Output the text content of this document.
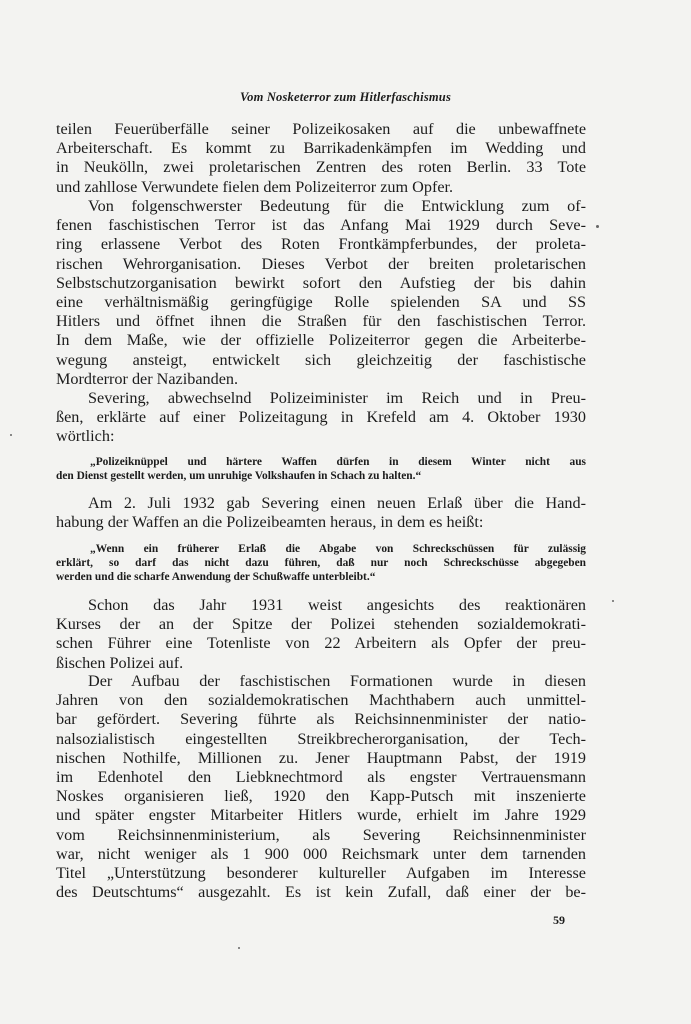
Vom Nosketerror zum Hitlerfaschismus
teilen Feuerüberfälle seiner Polizeikosaken auf die unbewaffnete
Arbeiterschaft. Es kommt zu Barrikadenkämpfen im Wedding und
in Neukölln, zwei proletarischen Zentren des roten Berlin. 33 Tote
und zahllose Verwundete fielen dem Polizeiterror zum Opfer.
Von folgenschwerster Bedeutung für die Entwicklung zum of-
fenen faschistischen Terror ist das Anfang Mai 1929 durch Seve-
ring erlassene Verbot des Roten Frontkämpferbundes, der proleta-
rischen Wehrorganisation. Dieses Verbot der breiten proletarischen
Selbstschutzorganisation bewirkt sofort den Aufstieg der bis dahin
eine verhältnismäßig geringfügige Rolle spielenden SA und SS
Hitlers und öffnet ihnen die Straßen für den faschistischen Terror.
In dem Maße, wie der offizielle Polizeiterror gegen die Arbeiterbe-
wegung ansteigt, entwickelt sich gleichzeitig der faschistische
Mordterror der Nazibanden.
Severing, abwechselnd Polizeiminister im Reich und in Preu-
ßen, erklärte auf einer Polizeitagung in Krefeld am 4. Oktober 1930
wörtlich:
„Polizeiknüppel und härtere Waffen dürfen in diesem Winter nicht aus
den Dienst gestellt werden, um unruhige Volkshaufen in Schach zu halten.“
Am 2. Juli 1932 gab Severing einen neuen Erlaß über die Hand-
habung der Waffen an die Polizeibeamten heraus, in dem es heißt:
„Wenn ein früherer Erlaß die Abgabe von Schreckschüssen für zulässig
erklärt, so darf das nicht dazu führen, daß nur noch Schreckschüsse abgegeben
werden und die scharfe Anwendung der Schußwaffe unterbleibt.“
Schon das Jahr 1931 weist angesichts des reaktionären
Kurses der an der Spitze der Polizei stehenden sozialdemokrati-
schen Führer eine Totenliste von 22 Arbeitern als Opfer der preu-
ßischen Polizei auf.
Der Aufbau der faschistischen Formationen wurde in diesen
Jahren von den sozialdemokratischen Machthabern auch unmittel-
bar gefördert. Severing führte als Reichsinnenminister der natio-
nalsozialistisch eingestellten Streikbrecherorganisation, der Tech-
nischen Nothilfe, Millionen zu. Jener Hauptmann Pabst, der 1919
im Edenhotel den Liebknechtmord als engster Vertrauensmann
Noskes organisieren ließ, 1920 den Kapp-Putsch mit inszenierte
und später engster Mitarbeiter Hitlers wurde, erhielt im Jahre 1929
vom Reichsinnenministerium, als Severing Reichsinnenminister
war, nicht weniger als 1 900 000 Reichsmark unter dem tarnenden
Titel „Unterstützung besonderer kultureller Aufgaben im Interesse
des Deutschtums“ ausgezahlt. Es ist kein Zufall, daß einer der be-
59
